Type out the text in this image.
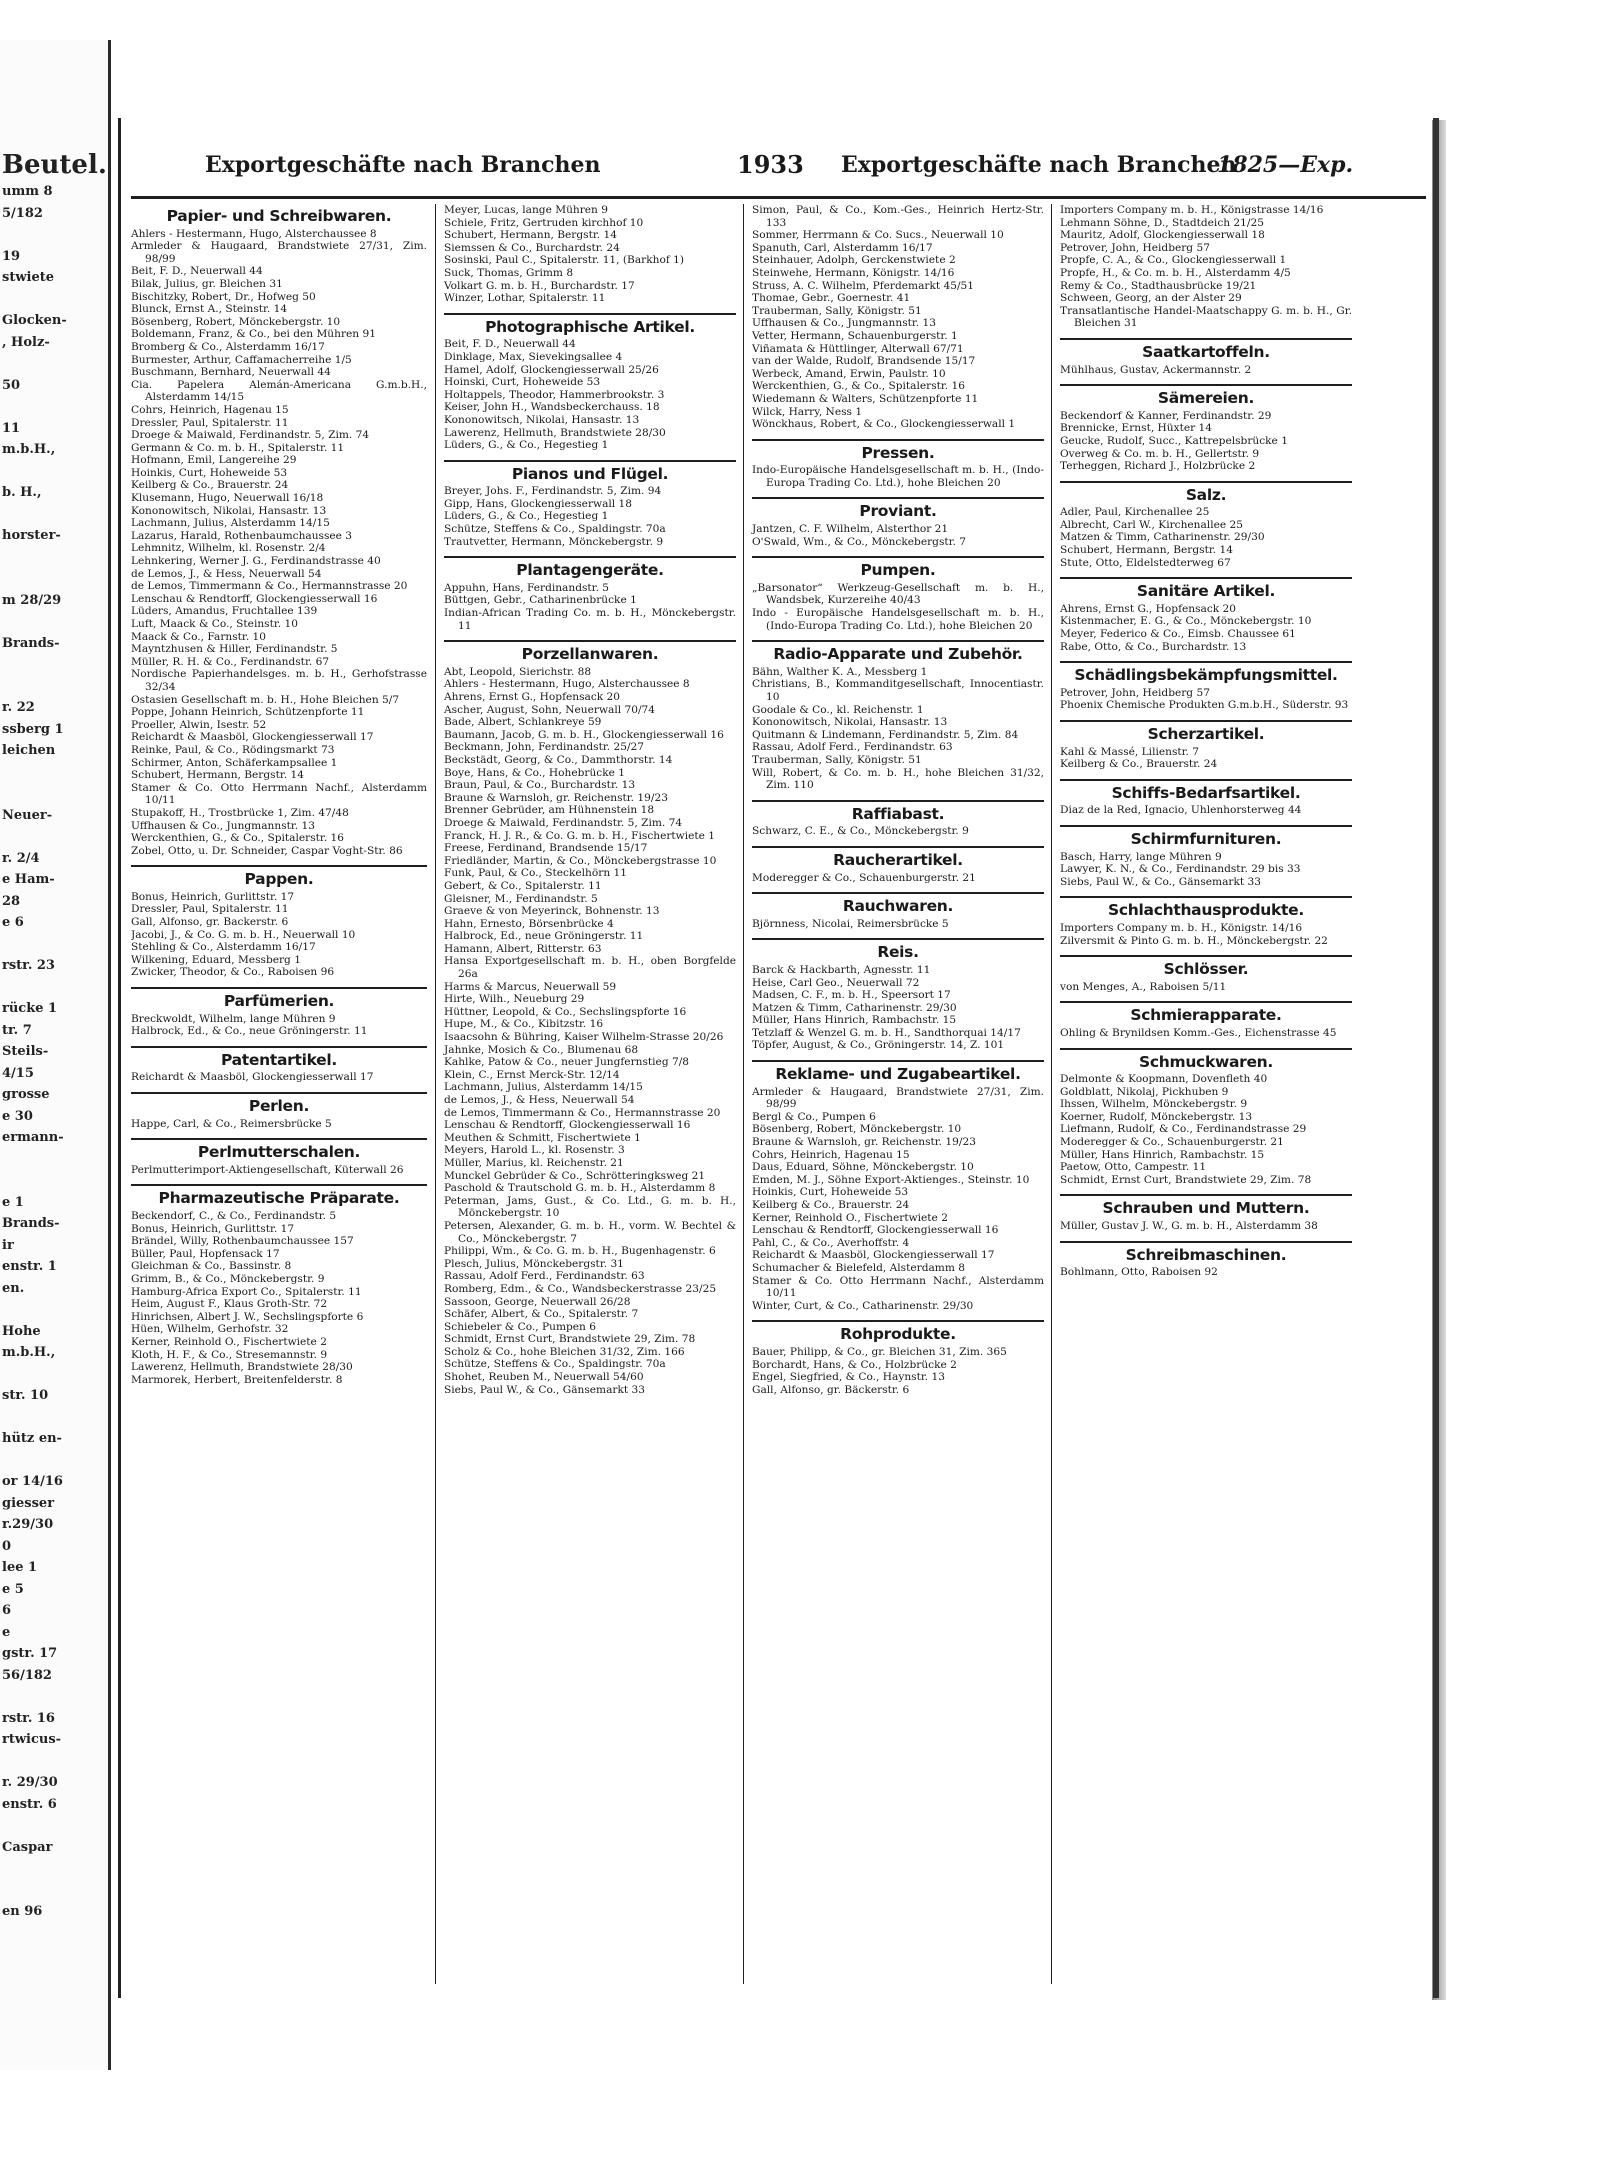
Beutel.
umm 8
5/182
19
stwiete
Glocken-
, Holz-
50
11
m.b.H.,
b. H.,
horster-
m 28/29
Brands-
r. 22
ssberg 1
leichen
Neuer-
r. 2/4
e Ham-
28
e 6
rstr. 23
rücke 1
tr. 7
Steils-
4/15
grosse
e 30
ermann-
e 1
Brands-
ir
enstr. 1
en.
Hohe
m.b.H.,
str. 10
hütz en-
or 14/16
giesser
r.29/30
0
lee 1
e 5
6
e
gstr. 17
56/182
rstr. 16
rtwicus-
r. 29/30
enstr. 6
Caspar
en 96
Exportgeschäfte nach Branchen	1933 Exportgeschäfte nach Branchen
1825—Exp.
Papier- und Schreibwaren.
Ahlers - Hestermann, Hugo, Alsterchaussee 8
Armleder & Haugaard, Brandstwiete 27/31, Zim. 98/99
Beit, F. D., Neuerwall 44
Bilak, Julius, gr. Bleichen 31
Bischitzky, Robert, Dr., Hofweg 50
Blunck, Ernst A., Steinstr. 14
Bösenberg, Robert, Mönckebergstr. 10
Boldemann, Franz, & Co., bei den Mühren 91
Bromberg & Co., Alsterdamm 16/17
Burmester, Arthur, Caffamacherreihe 1/5
Buschmann, Bernhard, Neuerwall 44
Cia. Papelera Alemán-Americana G.m.b.H., Alsterdamm 14/15
Cohrs, Heinrich, Hagenau 15
Dressler, Paul, Spitalerstr. 11
Droege & Maiwald, Ferdinandstr. 5, Zim. 74
Germann & Co. m. b. H., Spitalerstr. 11
Hofmann, Emil, Langereihe 29
Hoinkis, Curt, Hoheweide 53
Keilberg & Co., Brauerstr. 24
Klusemann, Hugo, Neuerwall 16/18
Kononowitsch, Nikolai, Hansastr. 13
Lachmann, Julius, Alsterdamm 14/15
Lazarus, Harald, Rothenbaumchaussee 3
Lehmnitz, Wilhelm, kl. Rosenstr. 2/4
Lehnkering, Werner J. G., Ferdinandstrasse 40
de Lemos, J., & Hess, Neuerwall 54
de Lemos, Timmermann & Co., Hermannstrasse 20
Lenschau & Rendtorff, Glockengiesserwall 16
Lüders, Amandus, Fruchtallee 139
Luft, Maack & Co., Steinstr. 10
Maack & Co., Farnstr. 10
Mayntzhusen & Hiller, Ferdinandstr. 5
Müller, R. H. & Co., Ferdinandstr. 67
Nordische Papierhandelsges. m. b. H., Gerhofstrasse 32/34
Ostasien Gesellschaft m. b. H., Hohe Bleichen 5/7
Poppe, Johann Heinrich, Schützenpforte 11
Proeller, Alwin, Isestr. 52
Reichardt & Maasböl, Glockengiesserwall 17
Reinke, Paul, & Co., Rödingsmarkt 73
Schirmer, Anton, Schäferkampsallee 1
Schubert, Hermann, Bergstr. 14
Stamer & Co. Otto Herrmann Nachf., Alsterdamm 10/11
Stupakoff, H., Trostbrücke 1, Zim. 47/48
Uffhausen & Co., Jungmannstr. 13
Werckenthien, G., & Co., Spitalerstr. 16
Zobel, Otto, u. Dr. Schneider, Caspar Voght-Str. 86
Pappen.
Bonus, Heinrich, Gurlittstr. 17
Dressler, Paul, Spitalerstr. 11
Gall, Alfonso, gr. Backerstr. 6
Jacobi, J., & Co. G. m. b. H., Neuerwall 10
Stehling & Co., Alsterdamm 16/17
Wilkening, Eduard, Messberg 1
Zwicker, Theodor, & Co., Raboisen 96
Parfümerien.
Breckwoldt, Wilhelm, lange Mühren 9
Halbrock, Ed., & Co., neue Gröningerstr. 11
Patentartikel.
Reichardt & Maasböl, Glockengiesserwall 17
Perlen.
Happe, Carl, & Co., Reimersbrücke 5
Perlmutterschalen.
Perlmutterimport-Aktiengesellschaft, Küterwall 26
Pharmazeutische Präparate.
Beckendorf, C., & Co., Ferdinandstr. 5
Bonus, Heinrich, Gurlittstr. 17
Brändel, Willy, Rothenbaumchaussee 157
Büller, Paul, Hopfensack 17
Gleichman & Co., Bassinstr. 8
Grimm, B., & Co., Mönckebergstr. 9
Hamburg-Africa Export Co., Spitalerstr. 11
Heim, August F., Klaus Groth-Str. 72
Hinrichsen, Albert J. W., Sechslingspforte 6
Hüen, Wilhelm, Gerhofstr. 32
Kerner, Reinhold O., Fischertwiete 2
Kloth, H. F., & Co., Stresemannstr. 9
Lawerenz, Hellmuth, Brandstwiete 28/30
Marmorek, Herbert, Breitenfelderstr. 8
Meyer, Lucas, lange Mühren 9
Schiele, Fritz, Gertruden kirchhof 10
Schubert, Hermann, Bergstr. 14
Siemssen & Co., Burchardstr. 24
Sosinski, Paul C., Spitalerstr. 11, (Barkhof 1)
Suck, Thomas, Grimm 8
Volkart G. m. b. H., Burchardstr. 17
Winzer, Lothar, Spitalerstr. 11
Photographische Artikel.
Beit, F. D., Neuerwall 44
Dinklage, Max, Sievekingsallee 4
Hamel, Adolf, Glockengiesserwall 25/26
Hoinski, Curt, Hoheweide 53
Holtappels, Theodor, Hammerbrookstr. 3
Keiser, John H., Wandsbeckerchauss. 18
Kononowitsch, Nikolai, Hansastr. 13
Lawerenz, Hellmuth, Brandstwiete 28/30
Lüders, G., & Co., Hegestieg 1
Pianos und Flügel.
Breyer, Johs. F., Ferdinandstr. 5, Zim. 94
Gipp, Hans, Glockengiesserwall 18
Lüders, G., & Co., Hegestieg 1
Schütze, Steffens & Co., Spaldingstr. 70a
Trautvetter, Hermann, Mönckebergstr. 9
Plantagengeräte.
Appuhn, Hans, Ferdinandstr. 5
Büttgen, Gebr., Catharinenbrücke 1
Indian-African Trading Co. m. b. H., Mönckebergstr. 11
Porzellanwaren.
Abt, Leopold, Sierichstr. 88
Ahlers - Hestermann, Hugo, Alsterchaussee 8
Ahrens, Ernst G., Hopfensack 20
Ascher, August, Sohn, Neuerwall 70/74
Bade, Albert, Schlankreye 59
Baumann, Jacob, G. m. b. H., Glockengiesserwall 16
Beckmann, John, Ferdinandstr. 25/27
Beckstädt, Georg, & Co., Dammthorstr. 14
Boye, Hans, & Co., Hohebrücke 1
Braun, Paul, & Co., Burchardstr. 13
Braune & Warnsloh, gr. Reichenstr. 19/23
Brenner Gebrüder, am Hühnenstein 18
Droege & Maiwald, Ferdinandstr. 5, Zim. 74
Franck, H. J. R., & Co. G. m. b. H., Fischertwiete 1
Freese, Ferdinand, Brandsende 15/17
Friedländer, Martin, & Co., Mönckebergstrasse 10
Funk, Paul, & Co., Steckelhörn 11
Gebert, & Co., Spitalerstr. 11
Gleisner, M., Ferdinandstr. 5
Graeve & von Meyerinck, Bohnenstr. 13
Hahn, Ernesto, Börsenbrücke 4
Halbrock, Ed., neue Gröningerstr. 11
Hamann, Albert, Ritterstr. 63
Hansa Exportgesellschaft m. b. H., oben Borgfelde 26a
Harms & Marcus, Neuerwall 59
Hirte, Wilh., Neueburg 29
Hüttner, Leopold, & Co., Sechslingspforte 16
Hupe, M., & Co., Kibitzstr. 16
Isaacsohn & Bühring, Kaiser Wilhelm-Strasse 20/26
Jahnke, Mosich & Co., Blumenau 68
Kahlke, Patow & Co., neuer Jungfernstieg 7/8
Klein, C., Ernst Merck-Str. 12/14
Lachmann, Julius, Alsterdamm 14/15
de Lemos, J., & Hess, Neuerwall 54
de Lemos, Timmermann & Co., Hermannstrasse 20
Lenschau & Rendtorff, Glockengiesserwall 16
Meuthen & Schmitt, Fischertwiete 1
Meyers, Harold L., kl. Rosenstr. 3
Müller, Marius, kl. Reichenstr. 21
Munckel Gebrüder & Co., Schrötteringksweg 21
Paschold & Trautschold G. m. b. H., Alsterdamm 8
Peterman, Jams, Gust., & Co. Ltd., G. m. b. H., Mönckebergstr. 10
Petersen, Alexander, G. m. b. H., vorm. W. Bechtel & Co., Mönckebergstr. 7
Philippi, Wm., & Co. G. m. b. H., Bugenhagenstr. 6
Plesch, Julius, Mönckebergstr. 31
Rassau, Adolf Ferd., Ferdinandstr. 63
Romberg, Edm., & Co., Wandsbeckerstrasse 23/25
Sassoon, George, Neuerwall 26/28
Schäfer, Albert, & Co., Spitalerstr. 7
Schiebeler & Co., Pumpen 6
Schmidt, Ernst Curt, Brandstwiete 29, Zim. 78
Scholz & Co., hohe Bleichen 31/32, Zim. 166
Schütze, Steffens & Co., Spaldingstr. 70a
Shohet, Reuben M., Neuerwall 54/60
Siebs, Paul W., & Co., Gänsemarkt 33
Simon, Paul, & Co., Kom.-Ges., Heinrich Hertz-Str. 133
Sommer, Herrmann & Co. Sucs., Neuerwall 10
Spanuth, Carl, Alsterdamm 16/17
Steinhauer, Adolph, Gerckenstwiete 2
Steinwehe, Hermann, Königstr. 14/16
Struss, A. C. Wilhelm, Pferdemarkt 45/51
Thomae, Gebr., Goernestr. 41
Trauberman, Sally, Königstr. 51
Uffhausen & Co., Jungmannstr. 13
Vetter, Hermann, Schauenburgerstr. 1
Viñamata & Hüttlinger, Alterwall 67/71
van der Walde, Rudolf, Brandsende 15/17
Werbeck, Amand, Erwin, Paulstr. 10
Werckenthien, G., & Co., Spitalerstr. 16
Wiedemann & Walters, Schützenpforte 11
Wilck, Harry, Ness 1
Wönckhaus, Robert, & Co., Glockengiesserwall 1
Pressen.
Indo-Europäische Handelsgesellschaft m. b. H., (Indo-Europa Trading Co. Ltd.), hohe Bleichen 20
Proviant.
Jantzen, C. F. Wilhelm, Alsterthor 21
O'Swald, Wm., & Co., Mönckebergstr. 7
Pumpen.
„Barsonator“ Werkzeug-Gesellschaft m. b. H., Wandsbek, Kurzereihe 40/43
Indo - Europäische Handelsgesellschaft m. b. H., (Indo-Europa Trading Co. Ltd.), hohe Bleichen 20
Radio-Apparate und Zubehör.
Bähn, Walther K. A., Messberg 1
Christians, B., Kommanditgesellschaft, Innocentiastr. 10
Goodale & Co., kl. Reichenstr. 1
Kononowitsch, Nikolai, Hansastr. 13
Quitmann & Lindemann, Ferdinandstr. 5, Zim. 84
Rassau, Adolf Ferd., Ferdinandstr. 63
Trauberman, Sally, Königstr. 51
Will, Robert, & Co. m. b. H., hohe Bleichen 31/32, Zim. 110
Raffiabast.
Schwarz, C. E., & Co., Mönckebergstr. 9
Raucherartikel.
Moderegger & Co., Schauenburgerstr. 21
Rauchwaren.
Björnness, Nicolai, Reimersbrücke 5
Reis.
Barck & Hackbarth, Agnesstr. 11
Heise, Carl Geo., Neuerwall 72
Madsen, C. F., m. b. H., Speersort 17
Matzen & Timm, Catharinenstr. 29/30
Müller, Hans Hinrich, Rambachstr. 15
Tetzlaff & Wenzel G. m. b. H., Sandthorquai 14/17
Töpfer, August, & Co., Gröningerstr. 14, Z. 101
Reklame- und Zugabeartikel.
Armleder & Haugaard, Brandstwiete 27/31, Zim. 98/99
Bergl & Co., Pumpen 6
Bösenberg, Robert, Mönckebergstr. 10
Braune & Warnsloh, gr. Reichenstr. 19/23
Cohrs, Heinrich, Hagenau 15
Daus, Eduard, Söhne, Mönckebergstr. 10
Emden, M. J., Söhne Export-Aktienges., Steinstr. 10
Hoinkis, Curt, Hoheweide 53
Keilberg & Co., Brauerstr. 24
Kerner, Reinhold O., Fischertwiete 2
Lenschau & Rendtorff, Glockengiesserwall 16
Pahl, C., & Co., Averhoffstr. 4
Reichardt & Maasböl, Glockengiesserwall 17
Schumacher & Bielefeld, Alsterdamm 8
Stamer & Co. Otto Herrmann Nachf., Alsterdamm 10/11
Winter, Curt, & Co., Catharinenstr. 29/30
Rohprodukte.
Bauer, Philipp, & Co., gr. Bleichen 31, Zim. 365
Borchardt, Hans, & Co., Holzbrücke 2
Engel, Siegfried, & Co., Haynstr. 13
Gall, Alfonso, gr. Bäckerstr. 6
Importers Company m. b. H., Königstrasse 14/16
Lehmann Söhne, D., Stadtdeich 21/25
Mauritz, Adolf, Glockengiesserwall 18
Petrover, John, Heidberg 57
Propfe, C. A., & Co., Glockengiesserwall 1
Propfe, H., & Co. m. b. H., Alsterdamm 4/5
Remy & Co., Stadthausbrücke 19/21
Schween, Georg, an der Alster 29
Transatlantische Handel-Maatschappy G. m. b. H., Gr. Bleichen 31
Saatkartoffeln.
Mühlhaus, Gustav, Ackermannstr. 2
Sämereien.
Beckendorf & Kanner, Ferdinandstr. 29
Brennicke, Ernst, Hüxter 14
Geucke, Rudolf, Succ., Kattrepelsbrücke 1
Overweg & Co. m. b. H., Gellertstr. 9
Terheggen, Richard J., Holzbrücke 2
Salz.
Adler, Paul, Kirchenallee 25
Albrecht, Carl W., Kirchenallee 25
Matzen & Timm, Catharinenstr. 29/30
Schubert, Hermann, Bergstr. 14
Stute, Otto, Eldelstedterweg 67
Sanitäre Artikel.
Ahrens, Ernst G., Hopfensack 20
Kistenmacher, E. G., & Co., Mönckebergstr. 10
Meyer, Federico & Co., Eimsb. Chaussee 61
Rabe, Otto, & Co., Burchardstr. 13
Schädlingsbekämpfungsmittel.
Petrover, John, Heidberg 57
Phoenix Chemische Produkten G.m.b.H., Süderstr. 93
Scherzartikel.
Kahl & Massé, Lilienstr. 7
Keilberg & Co., Brauerstr. 24
Schiffs-Bedarfsartikel.
Diaz de la Red, Ignacio, Uhlenhorsterweg 44
Schirmfurnituren.
Basch, Harry, lange Mühren 9
Lawyer, K. N., & Co., Ferdinandstr. 29 bis 33
Siebs, Paul W., & Co., Gänsemarkt 33
Schlachthausprodukte.
Importers Company m. b. H., Königstr. 14/16
Zilversmit & Pinto G. m. b. H., Mönckebergstr. 22
Schlösser.
von Menges, A., Raboisen 5/11
Schmierapparate.
Ohling & Brynildsen Komm.-Ges., Eichenstrasse 45
Schmuckwaren.
Delmonte & Koopmann, Dovenfleth 40
Goldblatt, Nikolaj, Pickhuben 9
Ihssen, Wilhelm, Mönckebergstr. 9
Koerner, Rudolf, Mönckebergstr. 13
Liefmann, Rudolf, & Co., Ferdinandstrasse 29
Moderegger & Co., Schauenburgerstr. 21
Müller, Hans Hinrich, Rambachstr. 15
Paetow, Otto, Campestr. 11
Schmidt, Ernst Curt, Brandstwiete 29, Zim. 78
Schrauben und Muttern.
Müller, Gustav J. W., G. m. b. H., Alsterdamm 38
Schreibmaschinen.
Bohlmann, Otto, Raboisen 92
